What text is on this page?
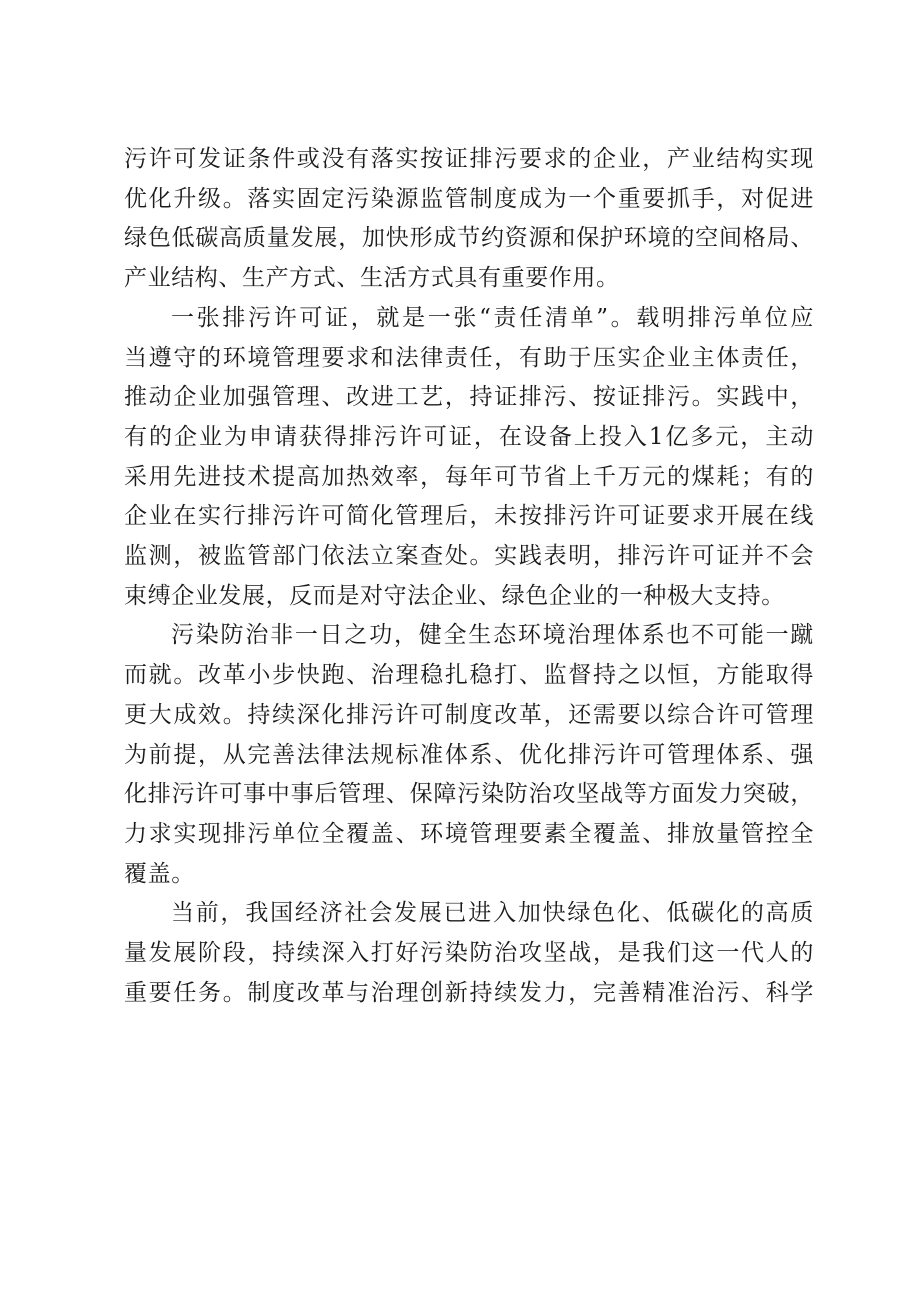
污许可发证条件或没有落实按证排污要求的企业，产业结构实现
优化升级。落实固定污染源监管制度成为一个重要抓手，对促进
绿色低碳高质量发展，加快形成节约资源和保护环境的空间格局、
产业结构、生产方式、生活方式具有重要作用。

一张排污许可证，就是一张“责任清单”。载明排污单位应
当遵守的环境管理要求和法律责任，有助于压实企业主体责任，
推动企业加强管理、改进工艺，持证排污、按证排污。实践中，
有的企业为申请获得排污许可证，在设备上投入1亿多元，主动
采用先进技术提高加热效率，每年可节省上千万元的煤耗；有的
企业在实行排污许可简化管理后，未按排污许可证要求开展在线
监测，被监管部门依法立案查处。实践表明，排污许可证并不会
束缚企业发展，反而是对守法企业、绿色企业的一种极大支持。

污染防治非一日之功，健全生态环境治理体系也不可能一蹴
而就。改革小步快跑、治理稳扎稳打、监督持之以恒，方能取得
更大成效。持续深化排污许可制度改革，还需要以综合许可管理
为前提，从完善法律法规标准体系、优化排污许可管理体系、强
化排污许可事中事后管理、保障污染防治攻坚战等方面发力突破，
力求实现排污单位全覆盖、环境管理要素全覆盖、排放量管控全
覆盖。

当前，我国经济社会发展已进入加快绿色化、低碳化的高质
量发展阶段，持续深入打好污染防治攻坚战，是我们这一代人的
重要任务。制度改革与治理创新持续发力，完善精准治污、科学
